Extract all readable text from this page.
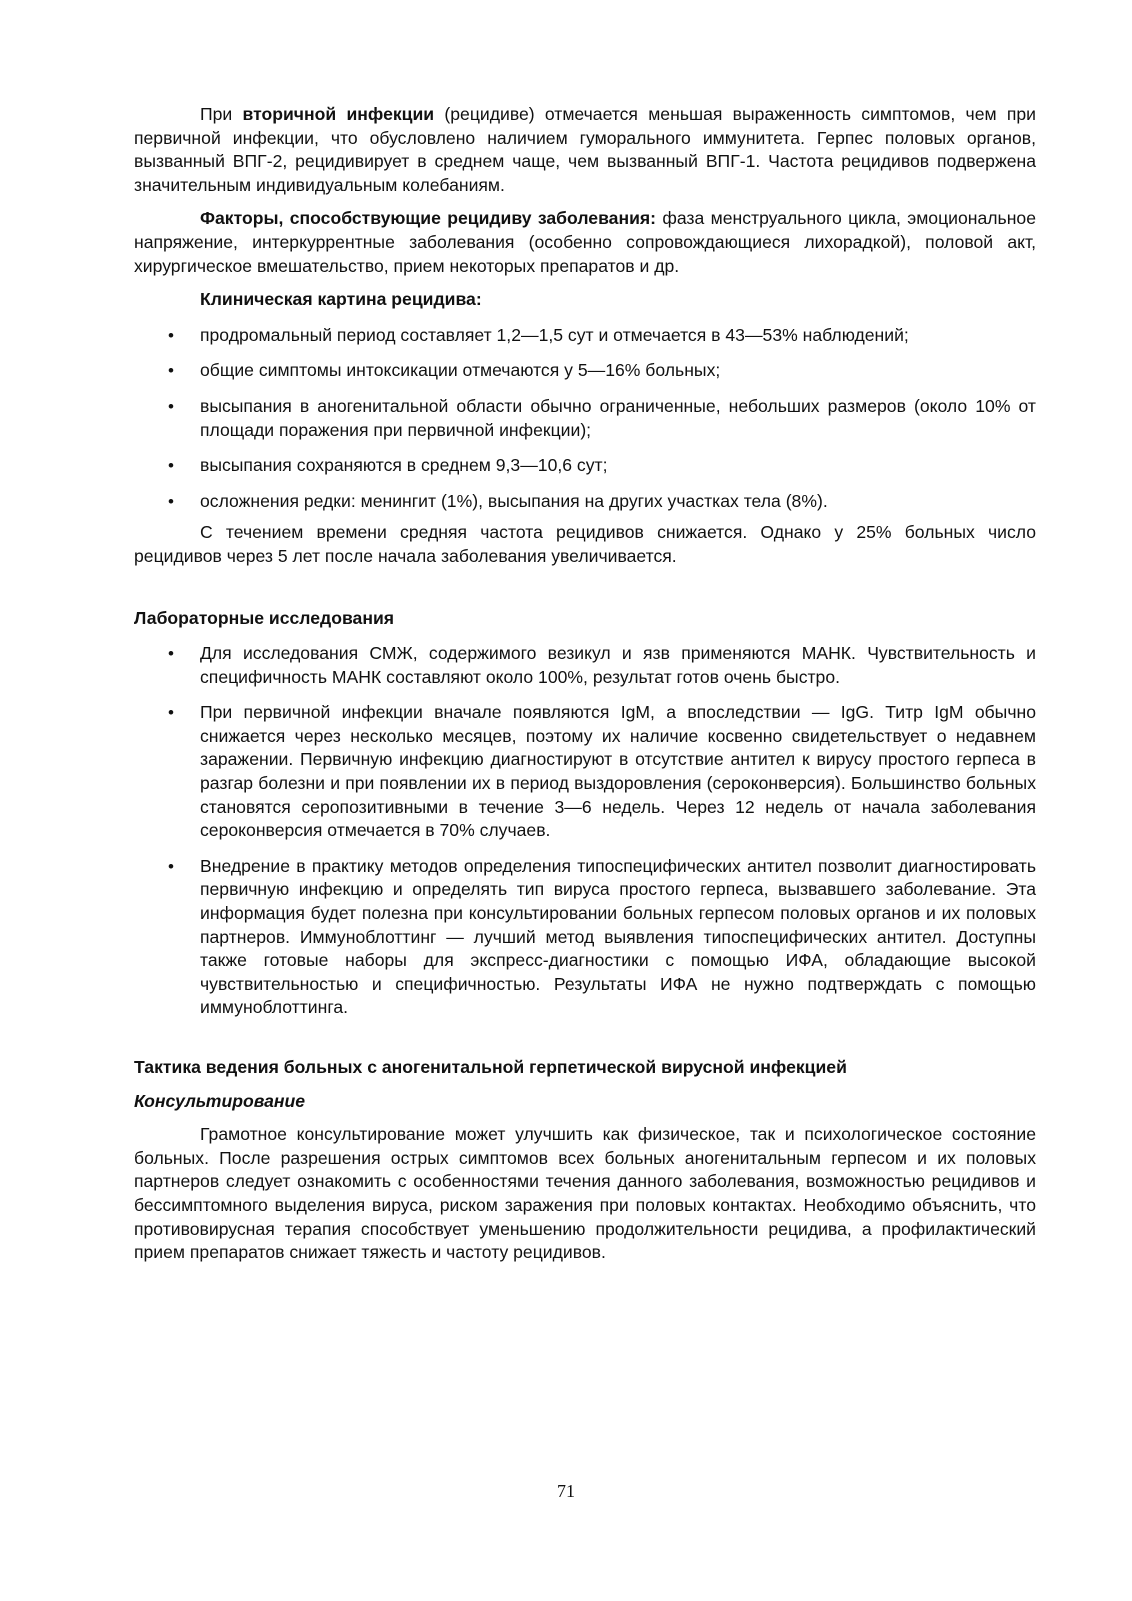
При вторичной инфекции (рецидиве) отмечается меньшая выраженность симптомов, чем при первичной инфекции, что обусловлено наличием гуморального иммунитета. Герпес половых органов, вызванный ВПГ-2, рецидивирует в среднем чаще, чем вызванный ВПГ-1. Частота рецидивов подвержена значительным индивидуальным колебаниям.

Факторы, способствующие рецидиву заболевания: фаза менструального цикла, эмоциональное напряжение, интеркуррентные заболевания (особенно сопровождающиеся лихорадкой), половой акт, хирургическое вмешательство, прием некоторых препаратов и др.

Клиническая картина рецидива:

• продромальный период составляет 1,2—1,5 сут и отмечается в 43—53% наблюдений;
• общие симптомы интоксикации отмечаются у 5—16% больных;
• высыпания в аногенитальной области обычно ограниченные, небольших размеров (около 10% от площади поражения при первичной инфекции);
• высыпания сохраняются в среднем 9,3—10,6 сут;
• осложнения редки: менингит (1%), высыпания на других участках тела (8%).

С течением времени средняя частота рецидивов снижается. Однако у 25% больных число рецидивов через 5 лет после начала заболевания увеличивается.

Лабораторные исследования

• Для исследования СМЖ, содержимого везикул и язв применяются МАНК. Чувствительность и специфичность МАНК составляют около 100%, результат готов очень быстро.
• При первичной инфекции вначале появляются IgM, а впоследствии — IgG. Титр IgM обычно снижается через несколько месяцев, поэтому их наличие косвенно свидетельствует о недавнем заражении. Первичную инфекцию диагностируют в отсутствие антител к вирусу простого герпеса в разгар болезни и при появлении их в период выздоровления (сероконверсия). Большинство больных становятся серопозитивными в течение 3—6 недель. Через 12 недель от начала заболевания сероконверсия отмечается в 70% случаев.
• Внедрение в практику методов определения типоспецифических антител позволит диагностировать первичную инфекцию и определять тип вируса простого герпеса, вызвавшего заболевание. Эта информация будет полезна при консультировании больных герпесом половых органов и их половых партнеров. Иммуноблоттинг — лучший метод выявления типоспецифических антител. Доступны также готовые наборы для экспресс-диагностики с помощью ИФА, обладающие высокой чувствительностью и специфичностью. Результаты ИФА не нужно подтверждать с помощью иммуноблоттинга.

Тактика ведения больных с аногенитальной герпетической вирусной инфекцией

Консультирование

Грамотное консультирование может улучшить как физическое, так и психологическое состояние больных. После разрешения острых симптомов всех больных аногенитальным герпесом и их половых партнеров следует ознакомить с особенностями течения данного заболевания, возможностью рецидивов и бессимптомного выделения вируса, риском заражения при половых контактах. Необходимо объяснить, что противовирусная терапия способствует уменьшению продолжительности рецидива, а профилактический прием препаратов снижает тяжесть и частоту рецидивов.

71
